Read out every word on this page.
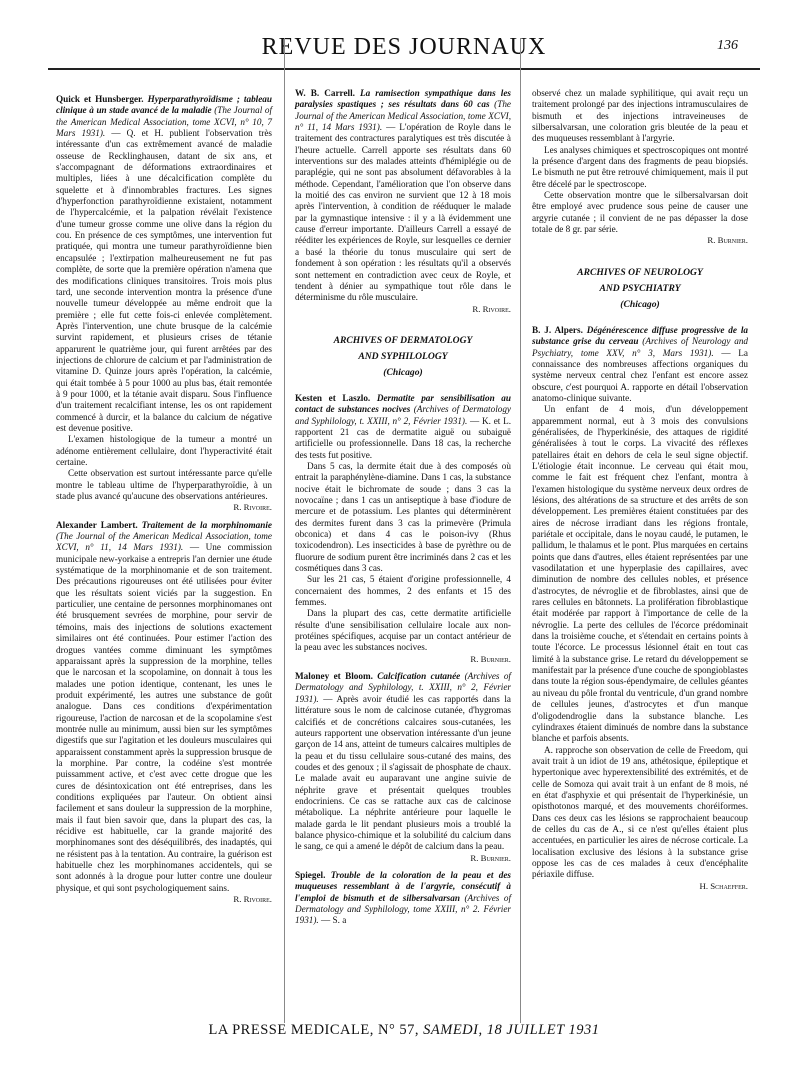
REVUE DES JOURNAUX	136

Quick et Hunsberger. Hyperparathyroïdisme ; tableau clinique à un stade avancé de la maladie (The Journal of the American Medical Association, tome XCVI, n° 10, 7 Mars 1931). — Q. et H. publient l'observation très intéressante d'un cas extrêmement avancé de maladie osseuse de Recklinghausen, datant de six ans, et s'accompagnant de déformations extraordinaires et multiples, liées à une décalcification complète du squelette et à d'innombrables fractures. Les signes d'hyperfonction parathyroïdienne existaient, notamment de l'hypercalcémie, et la palpation révélait l'existence d'une tumeur grosse comme une olive dans la région du cou. En présence de ces symptômes, une intervention fut pratiquée, qui montra une tumeur parathyroïdienne bien encapsulée ; l'extirpation malheureusement ne fut pas complète, de sorte que la première opération n'amena que des modifications cliniques transitoires. Trois mois plus tard, une seconde intervention montra la présence d'une nouvelle tumeur développée au même endroit que la première ; elle fut cette fois-ci enlevée complètement. Après l'intervention, une chute brusque de la calcémie survint rapidement, et plusieurs crises de tétanie apparurent le quatrième jour, qui furent arrêtées par des injections de chlorure de calcium et par l'administration de vitamine D. Quinze jours après l'opération, la calcémie, qui était tombée à 5 pour 1000 au plus bas, était remontée à 9 pour 1000, et la tétanie avait disparu. Sous l'influence d'un traitement recalcifiant intense, les os ont rapidement commencé à durcir, et la balance du calcium de négative est devenue positive.

L'examen histologique de la tumeur a montré un adénome entièrement cellulaire, dont l'hyperactivité était certaine.

Cette observation est surtout intéressante parce qu'elle montre le tableau ultime de l'hyperparathyroïdie, à un stade plus avancé qu'aucune des observations antérieures.

R. Rivoire.

Alexander Lambert. Traitement de la morphinomanie (The Journal of the American Medical Association, tome XCVI, n° 11, 14 Mars 1931). — Une commission municipale new-yorkaise a entrepris l'an dernier une étude systématique de la morphinomanie et de son traitement. Des précautions rigoureuses ont été utilisées pour éviter que les résultats soient viciés par la suggestion. En particulier, une centaine de personnes morphinomanes ont été brusquement sevrées de morphine, pour servir de témoins, mais des injections de solutions exactement similaires ont été continuées. Pour estimer l'action des drogues vantées comme diminuant les symptômes apparaissant après la suppression de la morphine, telles que le narcosan et la scopolamine, on donnait à tous les malades une potion identique, contenant, les unes le produit expérimenté, les autres une substance de goût analogue. Dans ces conditions d'expérimentation rigoureuse, l'action de narcosan et de la scopolamine s'est montrée nulle au minimum, aussi bien sur les symptômes digestifs que sur l'agitation et les douleurs musculaires qui apparaissent constamment après la suppression brusque de la morphine. Par contre, la codéine s'est montrée puissamment active, et c'est avec cette drogue que les cures de désintoxication ont été entreprises, dans les conditions expliquées par l'auteur. On obtient ainsi facilement et sans douleur la suppression de la morphine, mais il faut bien savoir que, dans la plupart des cas, la récidive est habituelle, car la grande majorité des morphinomanes sont des déséquilibrés, des inadaptés, qui ne résistent pas à la tentation. Au contraire, la guérison est habituelle chez les morphinomanes accidentels, qui se sont adonnés à la drogue pour lutter contre une douleur physique, et qui sont psychologiquement sains.

R. Rivoire.

W. B. Carrell. La ramisection sympathique dans les paralysies spastiques ; ses résultats dans 60 cas (The Journal of the American Medical Association, tome XCVI, n° 11, 14 Mars 1931). — L'opération de Royle dans le traitement des contractures paralytiques est très discutée à l'heure actuelle. Carrell apporte ses résultats dans 60 interventions sur des malades atteints d'hémiplégie ou de paraplégie, qui ne sont pas absolument défavorables à la méthode. Cependant, l'amélioration que l'on observe dans la moitié des cas environ ne survient que 12 à 18 mois après l'intervention, à condition de rééduquer le malade par la gymnastique intensive : il y a là évidemment une cause d'erreur importante. D'ailleurs Carrell a essayé de rééditer les expériences de Royle, sur lesquelles ce dernier a basé la théorie du tonus musculaire qui sert de fondement à son opération : les résultats qu'il a observés sont nettement en contradiction avec ceux de Royle, et tendent à dénier au sympathique tout rôle dans le déterminisme du rôle musculaire.

R. Rivoire.

ARCHIVES OF DERMATOLOGY
AND SYPHILOLOGY
(Chicago)

Kesten et Laszlo. Dermatite par sensibilisation au contact de substances nocives (Archives of Dermatology and Syphilology, t. XXIII, n° 2, Février 1931). — K. et L. rapportent 21 cas de dermatite aiguë ou subaiguë artificielle ou professionnelle. Dans 18 cas, la recherche des tests fut positive.

Dans 5 cas, la dermite était due à des composés où entrait la paraphénylène-diamine. Dans 1 cas, la substance nocive était le bichromate de soude ; dans 3 cas la novocaïne ; dans 1 cas un antiseptique à base d'iodure de mercure et de potassium. Les plantes qui déterminèrent des dermites furent dans 3 cas la primevère (Primula obconica) et dans 4 cas le poison-ivy (Rhus toxicodendron). Les insecticides à base de pyrèthre ou de fluorure de sodium purent être incriminés dans 2 cas et les cosmétiques dans 3 cas.

Sur les 21 cas, 5 étaient d'origine professionnelle, 4 concernaient des hommes, 2 des enfants et 15 des femmes.

Dans la plupart des cas, cette dermatite artificielle résulte d'une sensibilisation cellulaire locale aux non-protéines spécifiques, acquise par un contact antérieur de la peau avec les substances nocives.

R. Burnier.

Maloney et Bloom. Calcification cutanée (Archives of Dermatology and Syphilology, t. XXIII, n° 2, Février 1931). — Après avoir étudié les cas rapportés dans la littérature sous le nom de calcinose cutanée, d'hygromas calcifiés et de concrétions calcaires sous-cutanées, les auteurs rapportent une observation intéressante d'un jeune garçon de 14 ans, atteint de tumeurs calcaires multiples de la peau et du tissu cellulaire sous-cutané des mains, des coudes et des genoux ; il s'agissait de phosphate de chaux. Le malade avait eu auparavant une angine suivie de néphrite grave et présentait quelques troubles endocriniens. Ce cas se rattache aux cas de calcinose métabolique. La néphrite antérieure pour laquelle le malade garda le lit pendant plusieurs mois a troublé la balance physico-chimique et la solubilité du calcium dans le sang, ce qui a amené le dépôt de calcium dans la peau.

R. Burnier.

Spiegel. Trouble de la coloration de la peau et des muqueuses ressemblant à de l'argyrie, consécutif à l'emploi de bismuth et de silbersalvarsan (Archives of Dermatology and Syphilology, tome XXIII, n° 2. Février 1931). — S. a

observé chez un malade syphilitique, qui avait reçu un traitement prolongé par des injections intramusculaires de bismuth et des injections intraveineuses de silbersalvarsan, une coloration gris bleutée de la peau et des muqueuses ressemblant à l'argyrie.

Les analyses chimiques et spectroscopiques ont montré la présence d'argent dans des fragments de peau biopsiés. Le bismuth ne put être retrouvé chimiquement, mais il put être décelé par le spectroscope.

Cette observation montre que le silbersalvarsan doit être employé avec prudence sous peine de causer une argyrie cutanée ; il convient de ne pas dépasser la dose totale de 8 gr. par série.

R. Burnier.

ARCHIVES OF NEUROLOGY
AND PSYCHIATRY
(Chicago)

B. J. Alpers. Dégénérescence diffuse progressive de la substance grise du cerveau (Archives of Neurology and Psychiatry, tome XXV, n° 3, Mars 1931). — La connaissance des nombreuses affections organiques du système nerveux central chez l'enfant est encore assez obscure, c'est pourquoi A. rapporte en détail l'observation anatomo-clinique suivante.

Un enfant de 4 mois, d'un développement apparemment normal, eut à 3 mois des convulsions généralisées, de l'hyperkinésie, des attaques de rigidité généralisées à tout le corps. La vivacité des réflexes patellaires était en dehors de cela le seul signe objectif. L'étiologie était inconnue. Le cerveau qui était mou, comme le fait est fréquent chez l'enfant, montra à l'examen histologique du système nerveux deux ordres de lésions, des altérations de sa structure et des arrêts de son développement. Les premières étaient constituées par des aires de nécrose irradiant dans les régions frontale, pariétale et occipitale, dans le noyau caudé, le putamen, le pallidum, le thalamus et le pont. Plus marquées en certains points que dans d'autres, elles étaient représentées par une vasodilatation et une hyperplasie des capillaires, avec diminution de nombre des cellules nobles, et présence d'astrocytes, de névroglie et de fibroblastes, ainsi que de rares cellules en bâtonnets. La prolifération fibroblastique était modérée par rapport à l'importance de celle de la névroglie. La perte des cellules de l'écorce prédominait dans la troisième couche, et s'étendait en certains points à toute l'écorce. Le processus lésionnel était en tout cas limité à la substance grise. Le retard du développement se manifestait par la présence d'une couche de spongioblastes dans toute la région sous-épendymaire, de cellules géantes au niveau du pôle frontal du ventricule, d'un grand nombre de cellules jeunes, d'astrocytes et d'un manque d'oligodendroglie dans la substance blanche. Les cylindraxes étaient diminués de nombre dans la substance blanche et parfois absents.

A. rapproche son observation de celle de Freedom, qui avait trait à un idiot de 19 ans, athétosique, épileptique et hypertonique avec hyperextensibilité des extrémités, et de celle de Somoza qui avait trait à un enfant de 8 mois, né en état d'asphyxie et qui présentait de l'hyperkinésie, un opisthotonos marqué, et des mouvements choréiformes. Dans ces deux cas les lésions se rapprochaient beaucoup de celles du cas de A., si ce n'est qu'elles étaient plus accentuées, en particulier les aires de nécrose corticale. La localisation exclusive des lésions à la substance grise oppose les cas de ces malades à ceux d'encéphalite périaxile diffuse.

H. Schaeffer.

LA PRESSE MEDICALE, N° 57, SAMEDI, 18 JUILLET 1931
